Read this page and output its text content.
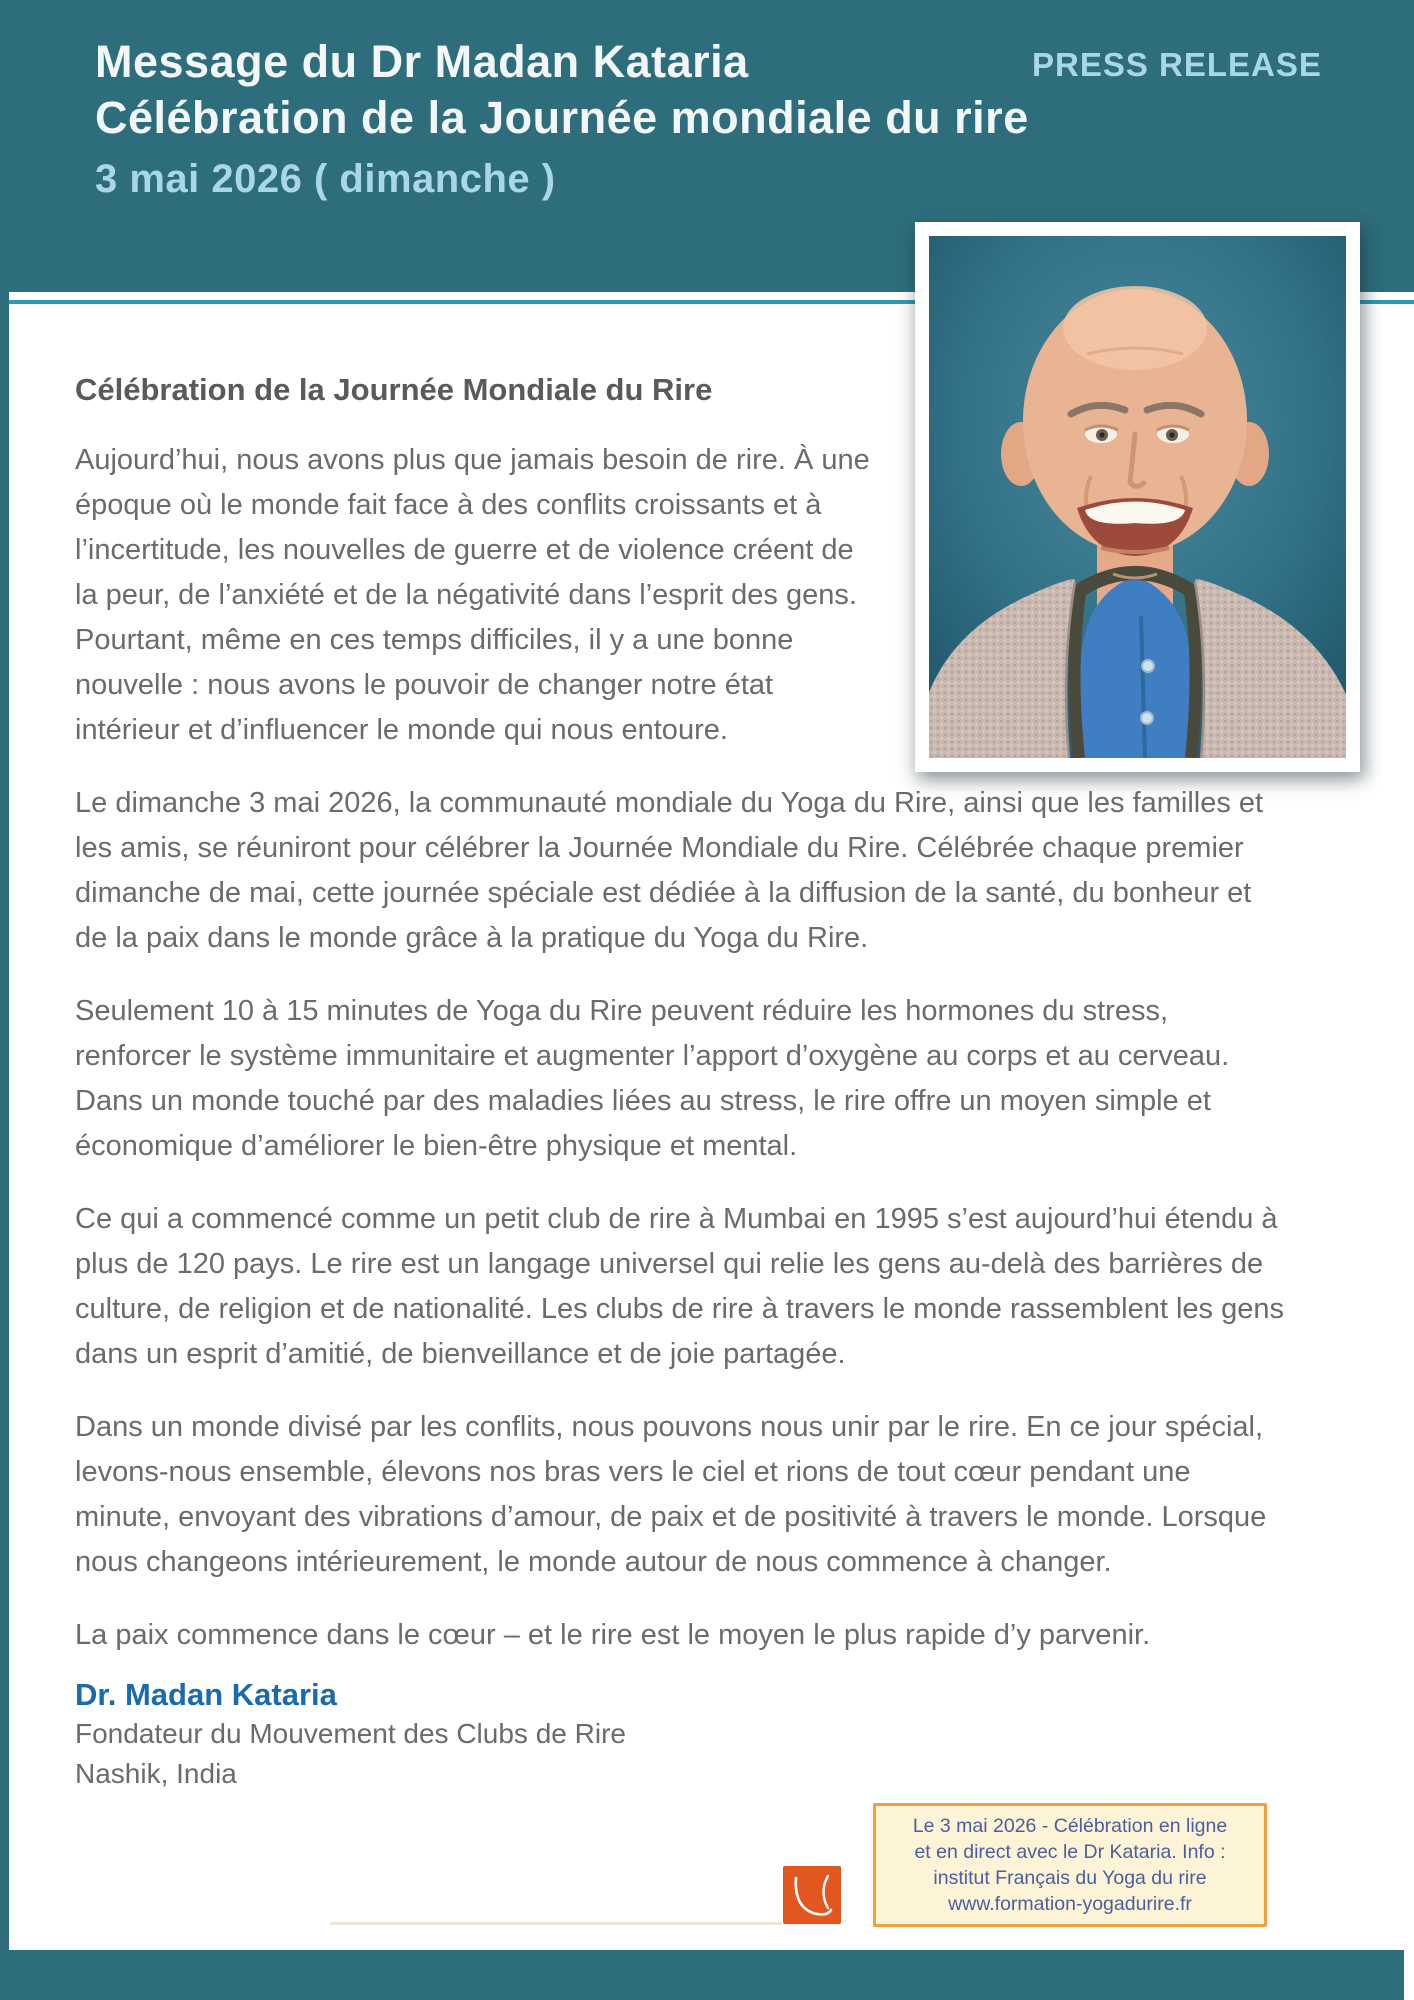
Message du Dr Madan Kataria
Célébration de la Journée mondiale du rire
3 mai 2026 ( dimanche )
PRESS RELEASE
Célébration de la Journée Mondiale du Rire

Aujourd’hui, nous avons plus que jamais besoin de rire. À une époque où le monde fait face à des conflits croissants et à l’incertitude, les nouvelles de guerre et de violence créent de la peur, de l’anxiété et de la négativité dans l’esprit des gens. Pourtant, même en ces temps difficiles, il y a une bonne nouvelle : nous avons le pouvoir de changer notre état intérieur et d’influencer le monde qui nous entoure.

Le dimanche 3 mai 2026, la communauté mondiale du Yoga du Rire, ainsi que les familles et les amis, se réuniront pour célébrer la Journée Mondiale du Rire. Célébrée chaque premier dimanche de mai, cette journée spéciale est dédiée à la diffusion de la santé, du bonheur et de la paix dans le monde grâce à la pratique du Yoga du Rire.

Seulement 10 à 15 minutes de Yoga du Rire peuvent réduire les hormones du stress, renforcer le système immunitaire et augmenter l’apport d’oxygène au corps et au cerveau. Dans un monde touché par des maladies liées au stress, le rire offre un moyen simple et économique d’améliorer le bien-être physique et mental.

Ce qui a commencé comme un petit club de rire à Mumbai en 1995 s’est aujourd’hui étendu à plus de 120 pays. Le rire est un langage universel qui relie les gens au-delà des barrières de culture, de religion et de nationalité. Les clubs de rire à travers le monde rassemblent les gens dans un esprit d’amitié, de bienveillance et de joie partagée.

Dans un monde divisé par les conflits, nous pouvons nous unir par le rire. En ce jour spécial, levons-nous ensemble, élevons nos bras vers le ciel et rions de tout cœur pendant une minute, envoyant des vibrations d’amour, de paix et de positivité à travers le monde. Lorsque nous changeons intérieurement, le monde autour de nous commence à changer.

La paix commence dans le cœur – et le rire est le moyen le plus rapide d’y parvenir.

Dr. Madan Kataria
Fondateur du Mouvement des Clubs de Rire
Nashik, India
Le 3 mai 2026 - Célébration en ligne
et en direct avec le Dr Kataria. Info :
institut Français du Yoga du rire
www.formation-yogadurire.fr
